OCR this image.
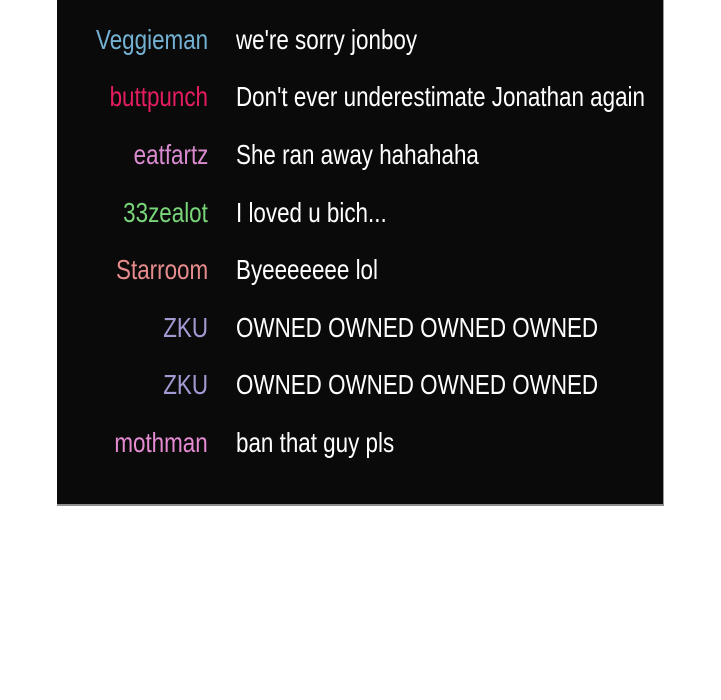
Veggieman	we're sorry jonboy
buttpunch	Don't ever underestimate Jonathan again
eatfartz	She ran away hahahaha
33zealot	I loved u bich...
Starroom	Byeeeeeee lol
ZKU	OWNED OWNED OWNED OWNED
ZKU	OWNED OWNED OWNED OWNED
mothman	ban that guy pls
